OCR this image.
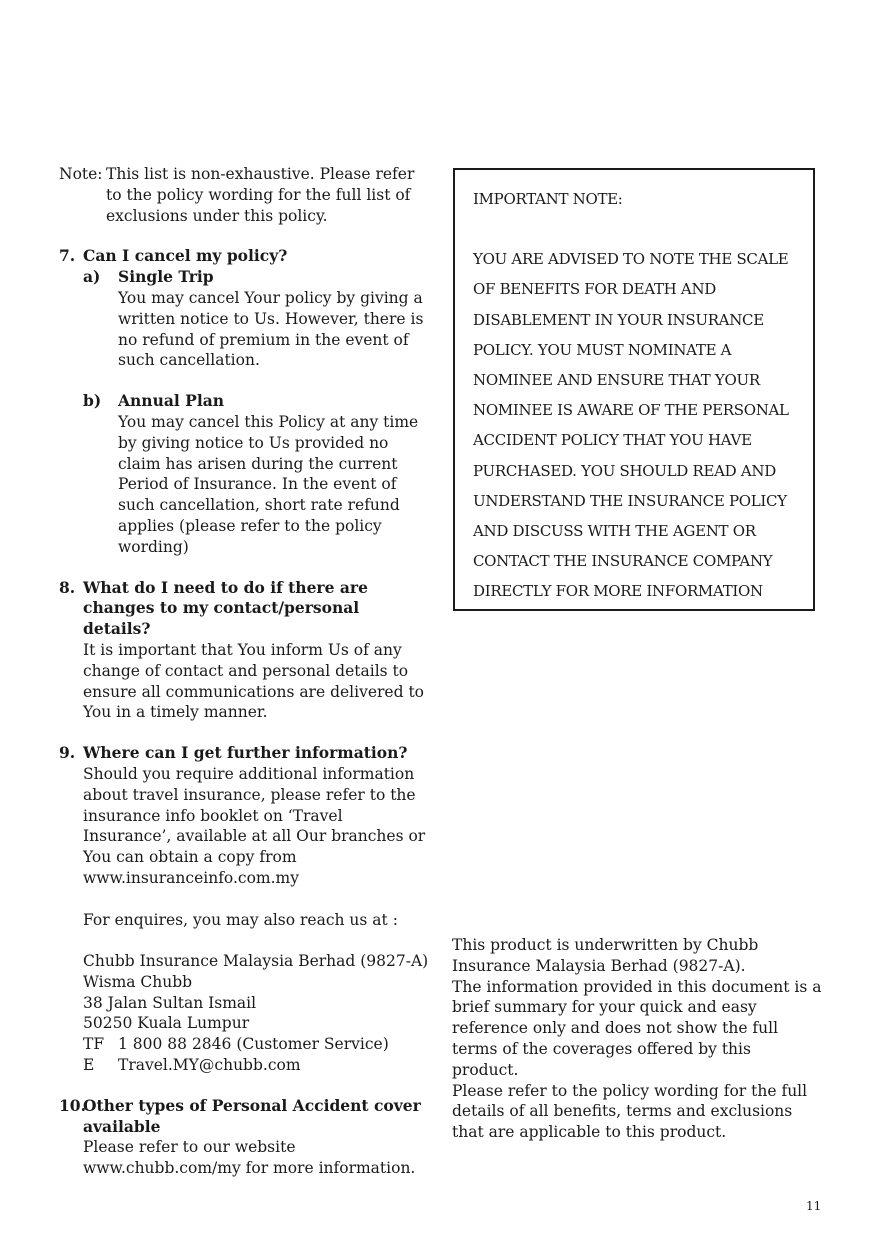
Note: This list is non-exhaustive. Please refer to the policy wording for the full list of exclusions under this policy.
7. Can I cancel my policy?
a)	Single Trip
You may cancel Your policy by giving a written notice to Us. However, there is no refund of premium in the event of such cancellation.
b)	Annual Plan
You may cancel this Policy at any time by giving notice to Us provided no claim has arisen during the current Period of Insurance. In the event of such cancellation, short rate refund applies (please refer to the policy wording)
8. What do I need to do if there are changes to my contact/personal details?
It is important that You inform Us of any change of contact and personal details to ensure all communications are delivered to You in a timely manner.
9. Where can I get further information?
Should you require additional information about travel insurance, please refer to the insurance info booklet on ‘Travel Insurance’, available at all Our branches or You can obtain a copy from www.insuranceinfo.com.my
For enquires, you may also reach us at :
Chubb Insurance Malaysia Berhad (9827-A)
Wisma Chubb
38 Jalan Sultan Ismail
50250 Kuala Lumpur
TF 1 800 88 2846 (Customer Service)
E	Travel.MY@chubb.com
10.
Other types of Personal Accident cover available
Please refer to our website www.chubb.com/my for more information.
IMPORTANT NOTE:
YOU ARE ADVISED TO NOTE THE SCALE
OF BENEFITS FOR DEATH AND
DISABLEMENT IN YOUR INSURANCE
POLICY. YOU MUST NOMINATE A
NOMINEE AND ENSURE THAT YOUR
NOMINEE IS AWARE OF THE PERSONAL
ACCIDENT POLICY THAT YOU HAVE
PURCHASED. YOU SHOULD READ AND
UNDERSTAND THE INSURANCE POLICY
AND DISCUSS WITH THE AGENT OR
CONTACT THE INSURANCE COMPANY
DIRECTLY FOR MORE INFORMATION
This product is underwritten by Chubb Insurance Malaysia Berhad (9827-A).
The information provided in this document is a brief summary for your quick and easy reference only and does not show the full terms of the coverages offered by this product.
Please refer to the policy wording for the full details of all benefits, terms and exclusions that are applicable to this product.
11
